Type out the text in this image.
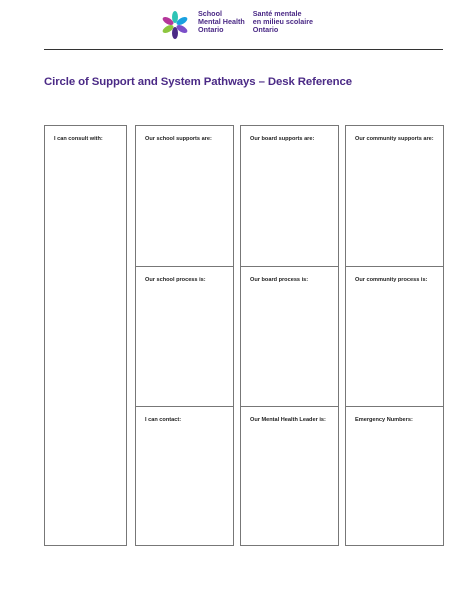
School
Mental Health
Ontario
Santé mentale
en milieu scolaire
Ontario
Circle of Support and System Pathways – Desk Reference
I can consult with:	Our school supports are:	Our board supports are:	Our community supports are:
Our school process is:	Our board process is:	Our community process is:
I can contact:	Our Mental Health Leader is:	Emergency Numbers:
